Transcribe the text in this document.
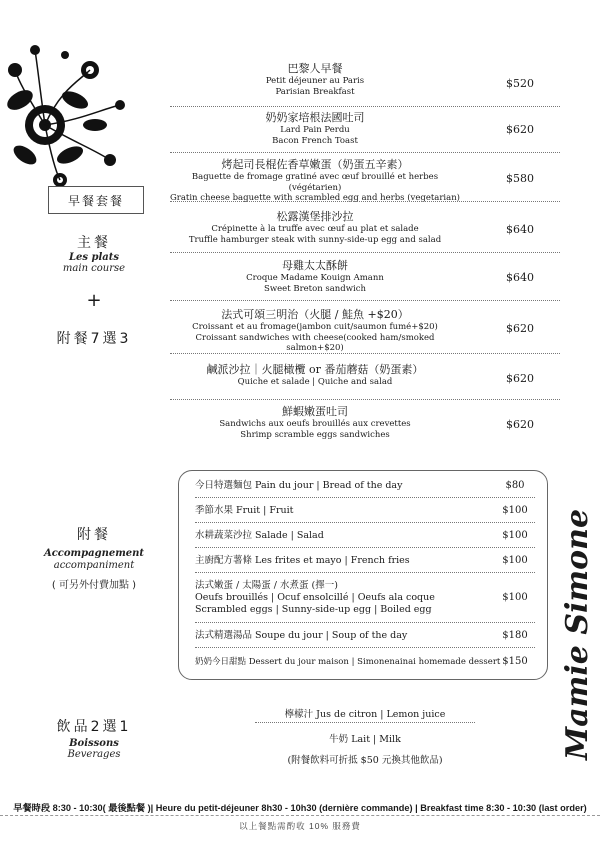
早餐套餐
主餐
Les plats
main course
+
附餐7選3
附餐
Accompagnement
accompaniment
( 可另外付費加點 )
飲品2選1
Boissons
Beverages
巴黎人早餐
Petit déjeuner au Paris
Parisian Breakfast
$520
奶奶家培根法國吐司
Lard Pain Perdu
Bacon French Toast
$620
烤起司長棍佐香草嫩蛋（奶蛋五辛素）
Baguette de fromage gratiné avec œuf brouillé et herbes (végétarien)
Gratin cheese baguette with scrambled egg and herbs (vegetarian)
$580
松露漢堡排沙拉
Crépinette à la truffe avec œuf au plat et salade
Truffle hamburger steak with sunny-side-up egg and salad
$640
母雞太太酥餅
Croque Madame Kouign Amann
Sweet Breton sandwich
$640
法式可頌三明治（火腿 / 鮭魚 +$20）
Croissant et au fromage(jambon cuit/saumon fumé+$20)
Croissant sandwiches with cheese(cooked ham/smoked salmon+$20)
$620
鹹派沙拉｜火腿橄欖 or 番茄蘑菇（奶蛋素）
Quiche et salade | Quiche and salad	$620
鮮蝦嫩蛋吐司
Sandwichs aux oeufs brouillés aux crevettes
Shrimp scramble eggs sandwiches
$620
今日特選麵包 Pain du jour | Bread of the day	$80
季節水果 Fruit | Fruit	$100
水耕蔬菜沙拉 Salade | Salad	$100
主廚配方薯條 Les frites et mayo | French fries	$100
法式嫩蛋 / 太陽蛋 / 水煮蛋 (擇一)
Oeufs brouillés | Ocuf ensolcillé | Oeufs ala coque
Scrambled eggs | Sunny-side-up egg | Boiled egg
$100
法式精選湯品 Soupe du jour | Soup of the day	$180
奶奶今日甜點 Dessert du jour maison | Simonenainai homemade dessert $150
檸檬汁 Jus de citron | Lemon juice
牛奶 Lait | Milk
(附餐飲料可折抵 $50 元換其他飲品)
Mamie Simone
早餐時段 8:30 - 10:30( 最後點餐 )| Heure du petit-déjeuner 8h30 - 10h30 (dernière commande) | Breakfast time 8:30 - 10:30 (last order)
以上餐點需酌收 10% 服務費
